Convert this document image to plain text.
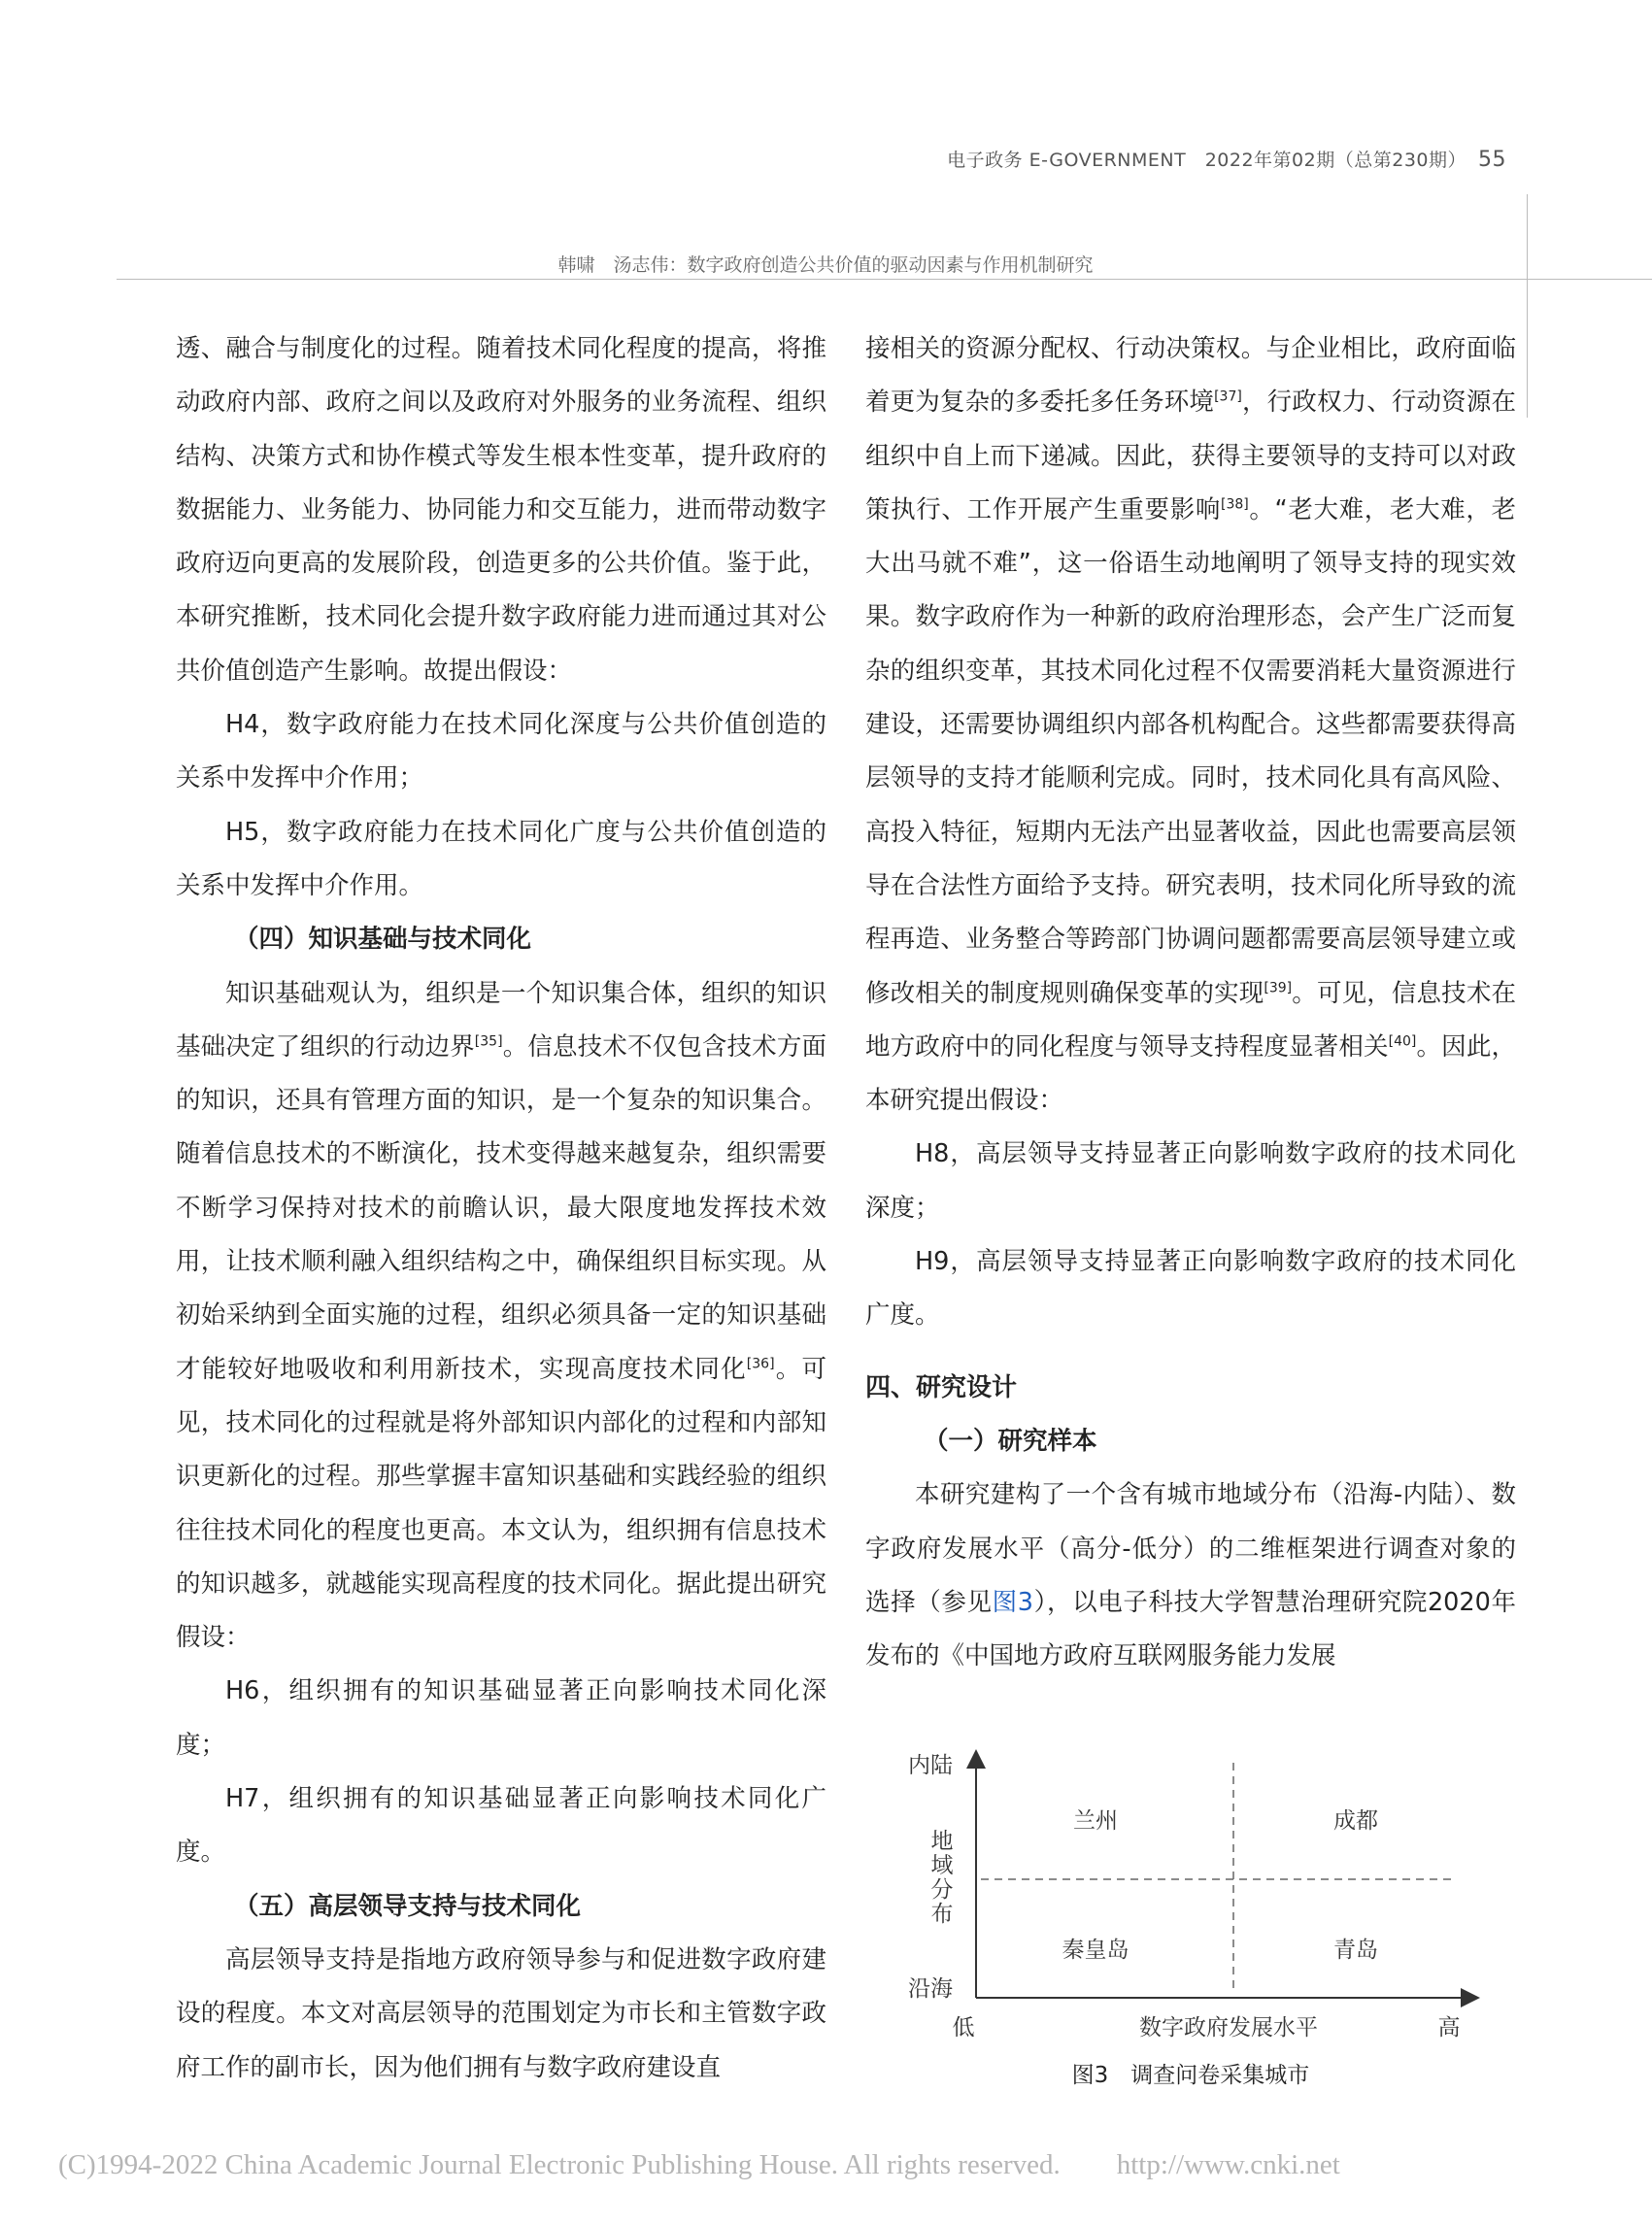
电子政务 E-GOVERNMENT　2022年第02期（总第230期） 55
韩啸　汤志伟：数字政府创造公共价值的驱动因素与作用机制研究

透、融合与制度化的过程。随着技术同化程度的提高，将推动政府内部、政府之间以及政府对外服务的业务流程、组织结构、决策方式和协作模式等发生根本性变革，提升政府的数据能力、业务能力、协同能力和交互能力，进而带动数字政府迈向更高的发展阶段，创造更多的公共价值。鉴于此，本研究推断，技术同化会提升数字政府能力进而通过其对公共价值创造产生影响。故提出假设：

H4，数字政府能力在技术同化深度与公共价值创造的关系中发挥中介作用；

H5，数字政府能力在技术同化广度与公共价值创造的关系中发挥中介作用。

（四）知识基础与技术同化

知识基础观认为，组织是一个知识集合体，组织的知识基础决定了组织的行动边界[35]。信息技术不仅包含技术方面的知识，还具有管理方面的知识，是一个复杂的知识集合。随着信息技术的不断演化，技术变得越来越复杂，组织需要不断学习保持对技术的前瞻认识，最大限度地发挥技术效用，让技术顺利融入组织结构之中，确保组织目标实现。从初始采纳到全面实施的过程，组织必须具备一定的知识基础才能较好地吸收和利用新技术，实现高度技术同化[36]。可见，技术同化的过程就是将外部知识内部化的过程和内部知识更新化的过程。那些掌握丰富知识基础和实践经验的组织往往技术同化的程度也更高。本文认为，组织拥有信息技术的知识越多，就越能实现高程度的技术同化。据此提出研究假设：

H6，组织拥有的知识基础显著正向影响技术同化深度；

H7，组织拥有的知识基础显著正向影响技术同化广度。

（五）高层领导支持与技术同化

高层领导支持是指地方政府领导参与和促进数字政府建设的程度。本文对高层领导的范围划定为市长和主管数字政府工作的副市长，因为他们拥有与数字政府建设直

接相关的资源分配权、行动决策权。与企业相比，政府面临着更为复杂的多委托多任务环境[37]，行政权力、行动资源在组织中自上而下递减。因此，获得主要领导的支持可以对政策执行、工作开展产生重要影响[38]。“老大难，老大难，老大出马就不难”，这一俗语生动地阐明了领导支持的现实效果。数字政府作为一种新的政府治理形态，会产生广泛而复杂的组织变革，其技术同化过程不仅需要消耗大量资源进行建设，还需要协调组织内部各机构配合。这些都需要获得高层领导的支持才能顺利完成。同时，技术同化具有高风险、高投入特征，短期内无法产出显著收益，因此也需要高层领导在合法性方面给予支持。研究表明，技术同化所导致的流程再造、业务整合等跨部门协调问题都需要高层领导建立或修改相关的制度规则确保变革的实现[39]。可见，信息技术在地方政府中的同化程度与领导支持程度显著相关[40]。因此，本研究提出假设：

H8，高层领导支持显著正向影响数字政府的技术同化深度；

H9，高层领导支持显著正向影响数字政府的技术同化广度。

四、研究设计
（一）研究样本

本研究建构了一个含有城市地域分布（沿海-内陆）、数字政府发展水平（高分-低分）的二维框架进行调查对象的选择（参见图3），以电子科技大学智慧治理研究院2020年发布的《中国地方政府互联网服务能力发展

内陆
地
域
分
布
沿海
低	数字政府发展水平	高
兰州	成都
秦皇岛	青岛
图3　调查问卷采集城市
(C)1994-2022 China Academic Journal Electronic Publishing House. All rights reserved.　　http://www.cnki.net
